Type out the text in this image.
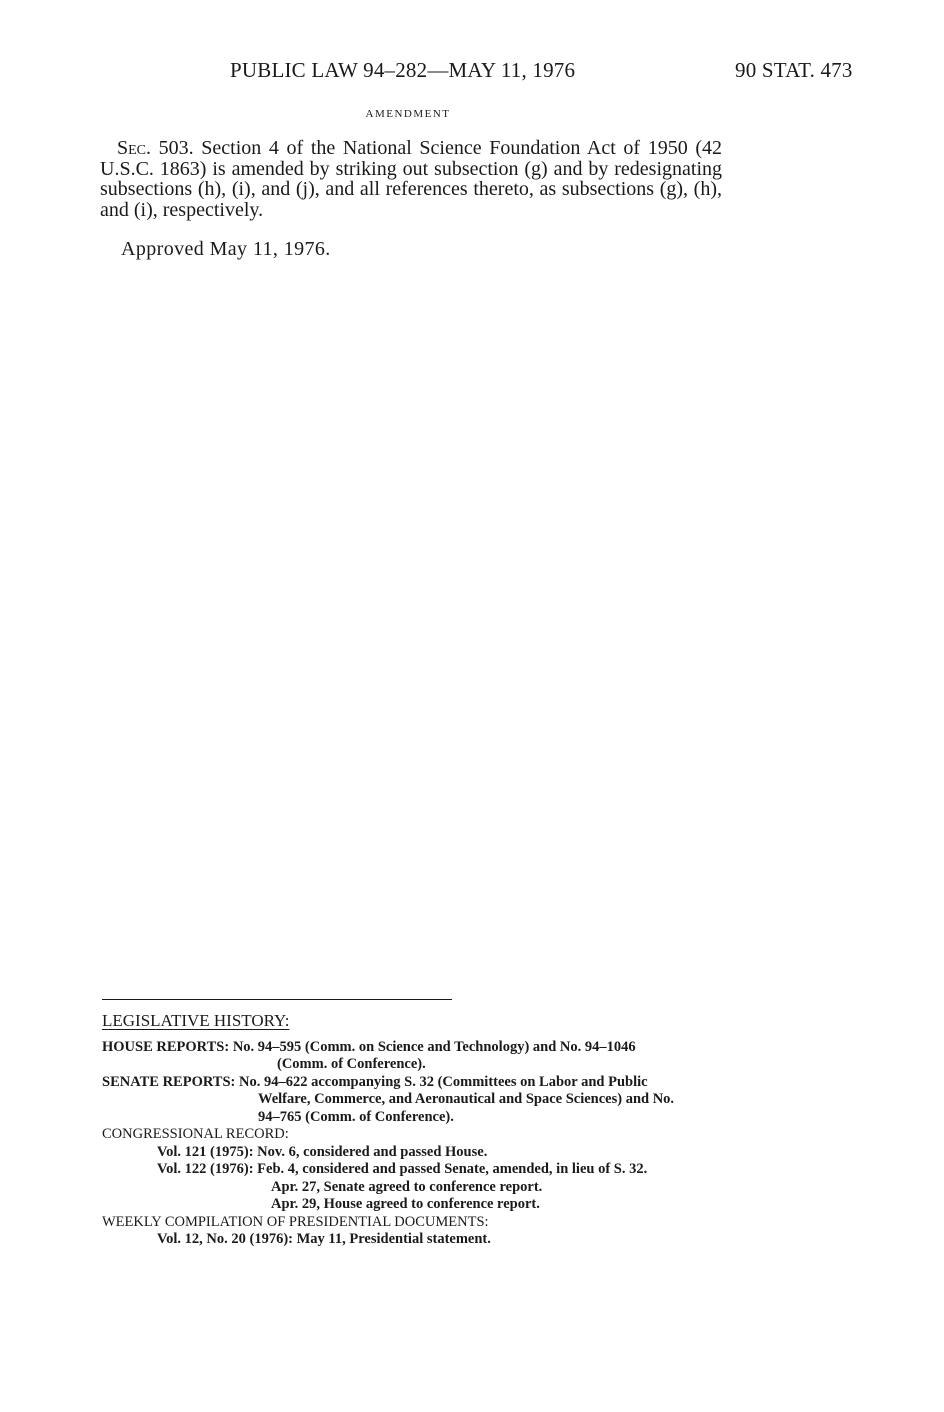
PUBLIC LAW 94–282—MAY 11, 1976	90 STAT. 473
AMENDMENT

Sec. 503. Section 4 of the National Science Foundation Act of 1950 (42 U.S.C. 1863) is amended by striking out subsection (g) and by redesignating subsections (h), (i), and (j), and all references thereto, as subsections (g), (h), and (i), respectively.

Approved May 11, 1976.
LEGISLATIVE HISTORY:
HOUSE REPORTS: No. 94–595 (Comm. on Science and Technology) and No. 94–1046
(Comm. of Conference).
SENATE REPORTS: No. 94–622 accompanying S. 32 (Committees on Labor and Public
Welfare, Commerce, and Aeronautical and Space Sciences) and No.
94–765 (Comm. of Conference).
CONGRESSIONAL RECORD:
Vol. 121 (1975): Nov. 6, considered and passed House.
Vol. 122 (1976): Feb. 4, considered and passed Senate, amended, in lieu of S. 32.
Apr. 27, Senate agreed to conference report.
Apr. 29, House agreed to conference report.
WEEKLY COMPILATION OF PRESIDENTIAL DOCUMENTS:
Vol. 12, No. 20 (1976): May 11, Presidential statement.
